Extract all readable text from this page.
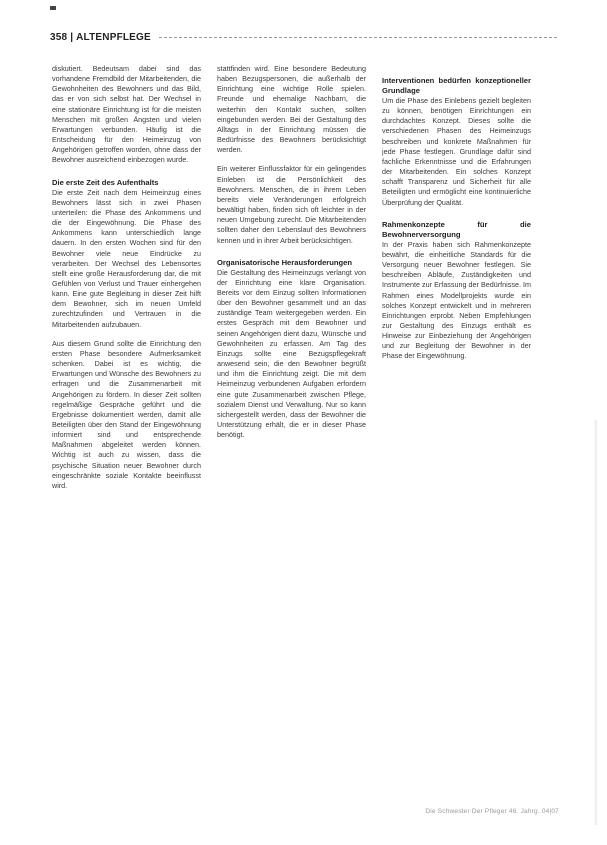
358 | ALTENPFLEGE

diskutiert. Bedeutsam dabei sind das vorhandene Fremdbild der Mitarbeitenden, die Gewohnheiten des Bewohners und das Bild, das er von sich selbst hat. Der Wechsel in eine stationäre Einrichtung ist für die meisten Menschen mit großen Ängsten und vielen Erwartungen verbunden. Häufig ist die Entscheidung für den Heimeinzug von Angehörigen getroffen worden, ohne dass der Bewohner ausreichend einbezogen wurde.

Die erste Zeit des Aufenthalts

Die erste Zeit nach dem Heimeinzug eines Bewohners lässt sich in zwei Phasen unterteilen: die Phase des Ankommens und die der Eingewöhnung. Die Phase des Ankommens kann unterschiedlich lange dauern. In den ersten Wochen sind für den Bewohner viele neue Eindrücke zu verarbeiten. Der Wechsel des Lebensortes stellt eine große Herausforderung dar, die mit Gefühlen von Verlust und Trauer einhergehen kann. Eine gute Begleitung in dieser Zeit hilft dem Bewohner, sich im neuen Umfeld zurechtzufinden und Vertrauen in die Mitarbeitenden aufzubauen.

Aus diesem Grund sollte die Einrichtung den ersten Phase besondere Aufmerksamkeit schenken. Dabei ist es wichtig, die Erwartungen und Wünsche des Bewohners zu erfragen und die Zusammenarbeit mit Angehörigen zu fördern. In dieser Zeit sollten regelmäßige Gespräche geführt und die Ergebnisse dokumentiert werden, damit alle Beteiligten über den Stand der Eingewöhnung informiert sind und entsprechende Maßnahmen abgeleitet werden können. Wichtig ist auch zu wissen, dass die psychische Situation neuer Bewohner durch eingeschränkte soziale Kontakte beeinflusst wird.

stattfinden wird. Eine besondere Bedeutung haben Bezugspersonen, die außerhalb der Einrichtung eine wichtige Rolle spielen. Freunde und ehemalige Nachbarn, die weiterhin den Kontakt suchen, sollten eingebunden werden. Bei der Gestaltung des Alltags in der Einrichtung müssen die Bedürfnisse des Bewohners berücksichtigt werden.

Ein weiterer Einflussfaktor für ein gelingendes Einleben ist die Persönlichkeit des Bewohners. Menschen, die in ihrem Leben bereits viele Veränderungen erfolgreich bewältigt haben, finden sich oft leichter in der neuen Umgebung zurecht. Die Mitarbeitenden sollten daher den Lebenslauf des Bewohners kennen und in ihrer Arbeit berücksichtigen.

Organisatorische Herausforderungen

Die Gestaltung des Heimeinzugs verlangt von der Einrichtung eine klare Organisation. Bereits vor dem Einzug sollten Informationen über den Bewohner gesammelt und an das zuständige Team weitergegeben werden. Ein erstes Gespräch mit dem Bewohner und seinen Angehörigen dient dazu, Wünsche und Gewohnheiten zu erfassen. Am Tag des Einzugs sollte eine Bezugspflegekraft anwesend sein, die den Bewohner begrüßt und ihm die Einrichtung zeigt. Die mit dem Heimeinzug verbundenen Aufgaben erfordern eine gute Zusammenarbeit zwischen Pflege, sozialem Dienst und Verwaltung. Nur so kann sichergestellt werden, dass der Bewohner die Unterstützung erhält, die er in dieser Phase benötigt.

Interventionen bedürfen konzeptioneller Grundlage

Um die Phase des Einlebens gezielt begleiten zu können, benötigen Einrichtungen ein durchdachtes Konzept. Dieses sollte die verschiedenen Phasen des Heimeinzugs beschreiben und konkrete Maßnahmen für jede Phase festlegen. Grundlage dafür sind fachliche Erkenntnisse und die Erfahrungen der Mitarbeitenden. Ein solches Konzept schafft Transparenz und Sicherheit für alle Beteiligten und ermöglicht eine kontinuierliche Überprüfung der Qualität.

Rahmenkonzepte für die Bewohnerversorgung

In der Praxis haben sich Rahmenkonzepte bewährt, die einheitliche Standards für die Versorgung neuer Bewohner festlegen. Sie beschreiben Abläufe, Zuständigkeiten und Instrumente zur Erfassung der Bedürfnisse. Im Rahmen eines Modellprojekts wurde ein solches Konzept entwickelt und in mehreren Einrichtungen erprobt. Neben Empfehlungen zur Gestaltung des Einzugs enthält es Hinweise zur Einbeziehung der Angehörigen und zur Begleitung der Bewohner in der Phase der Eingewöhnung.

Die Schwester Der Pfleger 46. Jahrg. 04|07
